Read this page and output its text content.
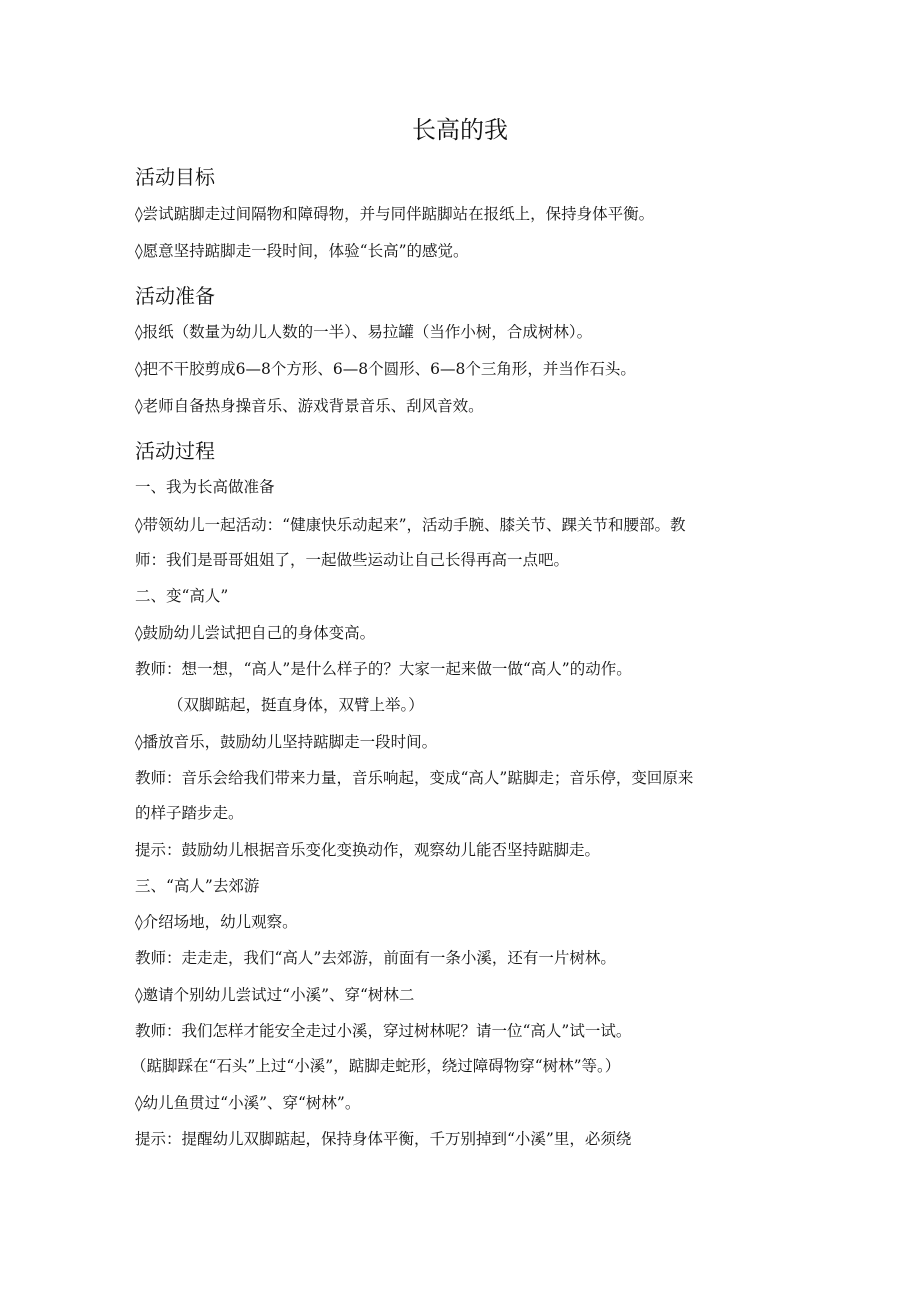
长高的我
活动目标
◊尝试踮脚走过间隔物和障碍物，并与同伴踮脚站在报纸上，保持身体平衡。
◊愿意坚持踮脚走一段时间，体验“长高”的感觉。
活动准备
◊报纸（数量为幼儿人数的一半）、易拉罐（当作小树，合成树林）。
◊把不干胶剪成6—8个方形、6—8个圆形、6—8个三角形，并当作石头。
◊老师自备热身操音乐、游戏背景音乐、刮风音效。
活动过程
一、我为长高做准备
◊带领幼儿一起活动：“健康快乐动起来”，活动手腕、膝关节、踝关节和腰部。教
师：我们是哥哥姐姐了，一起做些运动让自己长得再高一点吧。
二、变“高人”
◊鼓励幼儿尝试把自己的身体变高。
教师：想一想，“高人”是什么样子的？大家一起来做一做“高人”的动作。
（双脚踮起，挺直身体，双臂上举。）
◊播放音乐，鼓励幼儿坚持踮脚走一段时间。
教师：音乐会给我们带来力量，音乐响起，变成“高人”踮脚走；音乐停，变回原来
的样子踏步走。
提示：鼓励幼儿根据音乐变化变换动作，观察幼儿能否坚持踮脚走。
三、“高人”去郊游
◊介绍场地，幼儿观察。
教师：走走走，我们“高人”去郊游，前面有一条小溪，还有一片树林。
◊邀请个别幼儿尝试过“小溪”、穿“树林二
教师：我们怎样才能安全走过小溪，穿过树林呢？请一位“高人”试一试。
（踮脚踩在“石头”上过“小溪”，踮脚走蛇形，绕过障碍物穿“树林”等。）
◊幼儿鱼贯过“小溪”、穿“树林”。
提示：提醒幼儿双脚踮起，保持身体平衡，千万别掉到“小溪”里，必须绕
